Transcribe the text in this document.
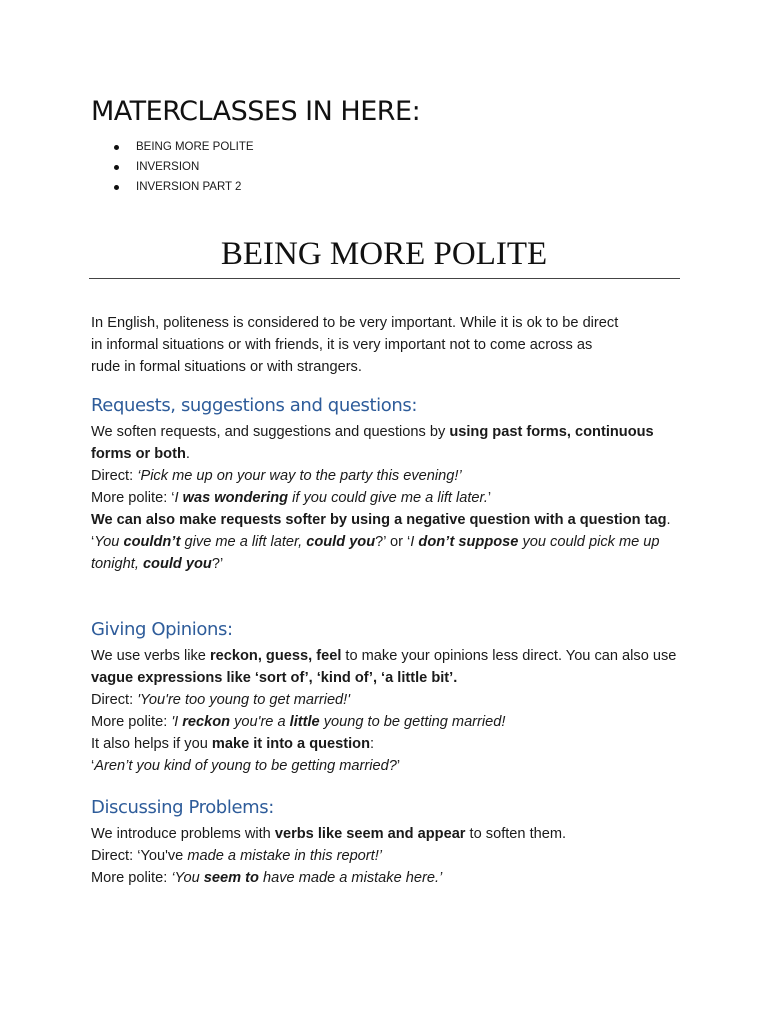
MATERCLASSES IN HERE:
BEING MORE POLITE
INVERSION
INVERSION PART 2
BEING MORE POLITE

In English, politeness is considered to be very important. While it is ok to be direct
in informal situations or with friends, it is very important not to come across as
rude in formal situations or with strangers.

Requests, suggestions and questions:

We soften requests, and suggestions and questions by using past forms, continuous forms or both.

Direct: ‘Pick me up on your way to the party this evening!’

More polite: ‘I was wondering if you could give me a lift later.’

We can also make requests softer by using a negative question with a question tag.

‘You couldn’t give me a lift later, could you?’ or ‘I don’t suppose you could pick me up tonight, could you?’

Giving Opinions:

We use verbs like reckon, guess, feel to make your opinions less direct. You can also use vague expressions like ‘sort of’, ‘kind of’, ‘a little bit’.

Direct: 'You're too young to get married!'

More polite: 'I reckon you're a little young to be getting married!

It also helps if you make it into a question:

‘Aren’t you kind of young to be getting married?’

Discussing Problems:

We introduce problems with verbs like seem and appear to soften them.

Direct: ‘You've made a mistake in this report!’

More polite: ‘You seem to have made a mistake here.’
